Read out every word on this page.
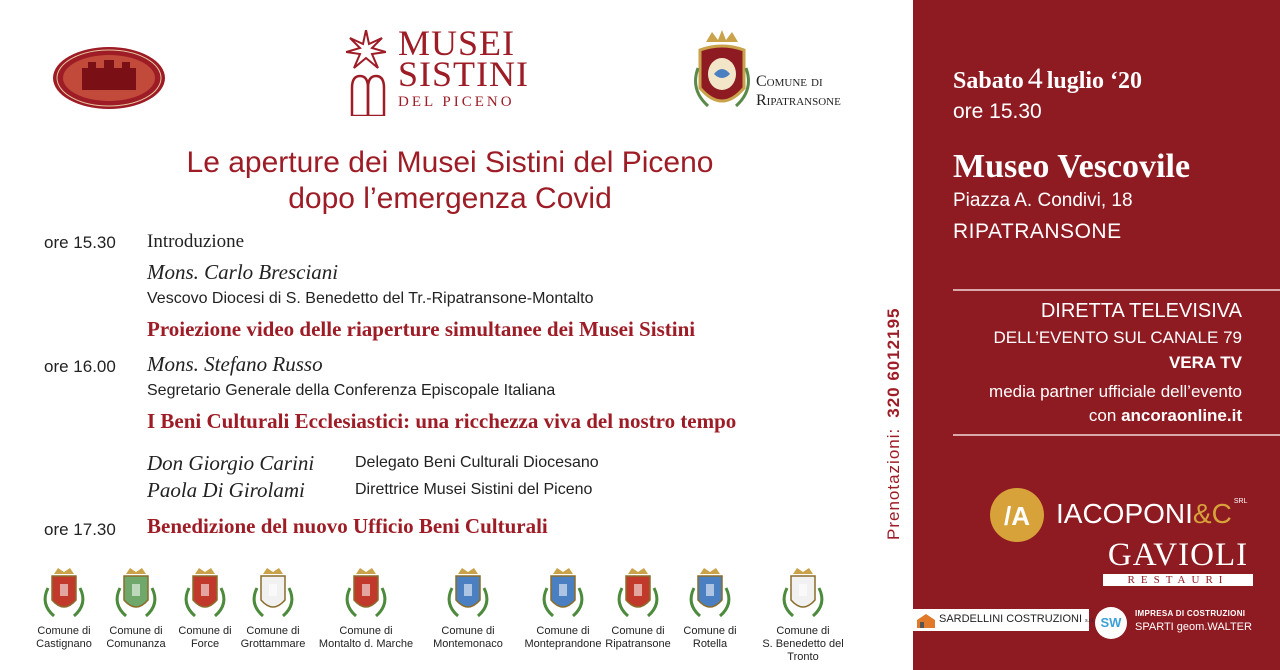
MUSEI
SISTINI
DEL PICENO
Comune di
Ripatransone
Le aperture dei Musei Sistini del Piceno
dopo l’emergenza Covid
ore 15.30 Introduzione
Mons. Carlo Bresciani
Vescovo Diocesi di S. Benedetto del Tr.-Ripatransone-Montalto
Proiezione video delle riaperture simultanee dei Musei Sistini
ore 16.00 Mons. Stefano Russo
Segretario Generale della Conferenza Episcopale Italiana
I Beni Culturali Ecclesiastici: una ricchezza viva del nostro tempo
Don Giorgio Carini	Delegato Beni Culturali Diocesano
Paola Di Girolami	Direttrice Musei Sistini del Piceno
ore 17.30 Benedizione del nuovo Ufficio Beni Culturali	Prenotazioni:320 6012195
Comune di
Castignano
Comune di
Comunanza
Comune di
Force
Comune di
Grottammare
Comune di
Montalto d. Marche
Comune di
Montemonaco
Comune di
Monteprandone
Comune di
Ripatransone
Comune di
Rotella
Comune di
S. Benedetto del Tronto
Sabato 4 luglio ‘20
ore 15.30
Museo Vescovile
Piazza A. Condivi, 18
RIPATRANSONE
DIRETTA TELEVISIVA
DELL’EVENTO SUL CANALE 79
VERA TV
media partner ufficiale dell’evento
con ancoraonline.it
/A IACOPONI&C $^{SRL}$
GAVIOLI
RESTAURI
SARDELLINI COSTRUZIONI s.r.l. SW
IMPRESA DI COSTRUZIONI
SPARTI geom.WALTER
